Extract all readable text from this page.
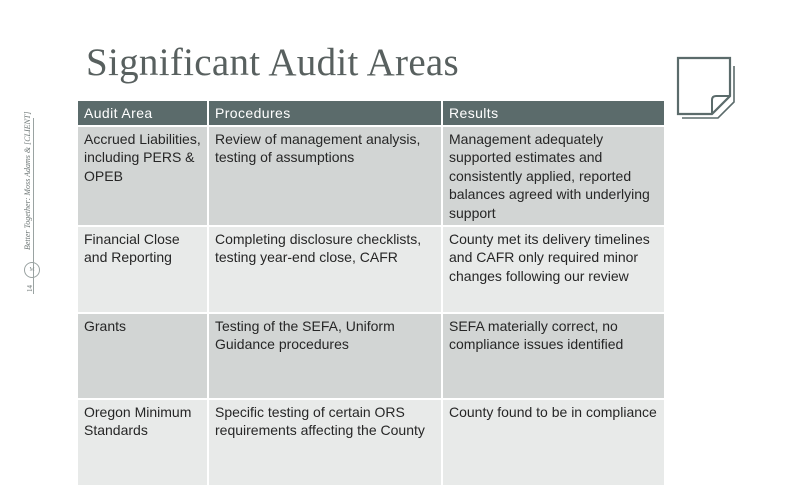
Significant Audit Areas
Better Together: Moss Adams & [CLIENT]
M
14
Audit Area	Procedures	Results
Accrued Liabilities, including PERS & OPEB	Review of management analysis, testing of assumptions	Management adequately supported estimates and consistently applied, reported balances agreed with underlying support
Financial Close and Reporting	Completing disclosure checklists, testing year-end close, CAFR	County met its delivery timelines and CAFR only required minor changes following our review
Grants	Testing of the SEFA, Uniform Guidance procedures	SEFA materially correct, no compliance issues identified
Oregon Minimum Standards	Specific testing of certain ORS requirements affecting the County	County found to be in compliance
